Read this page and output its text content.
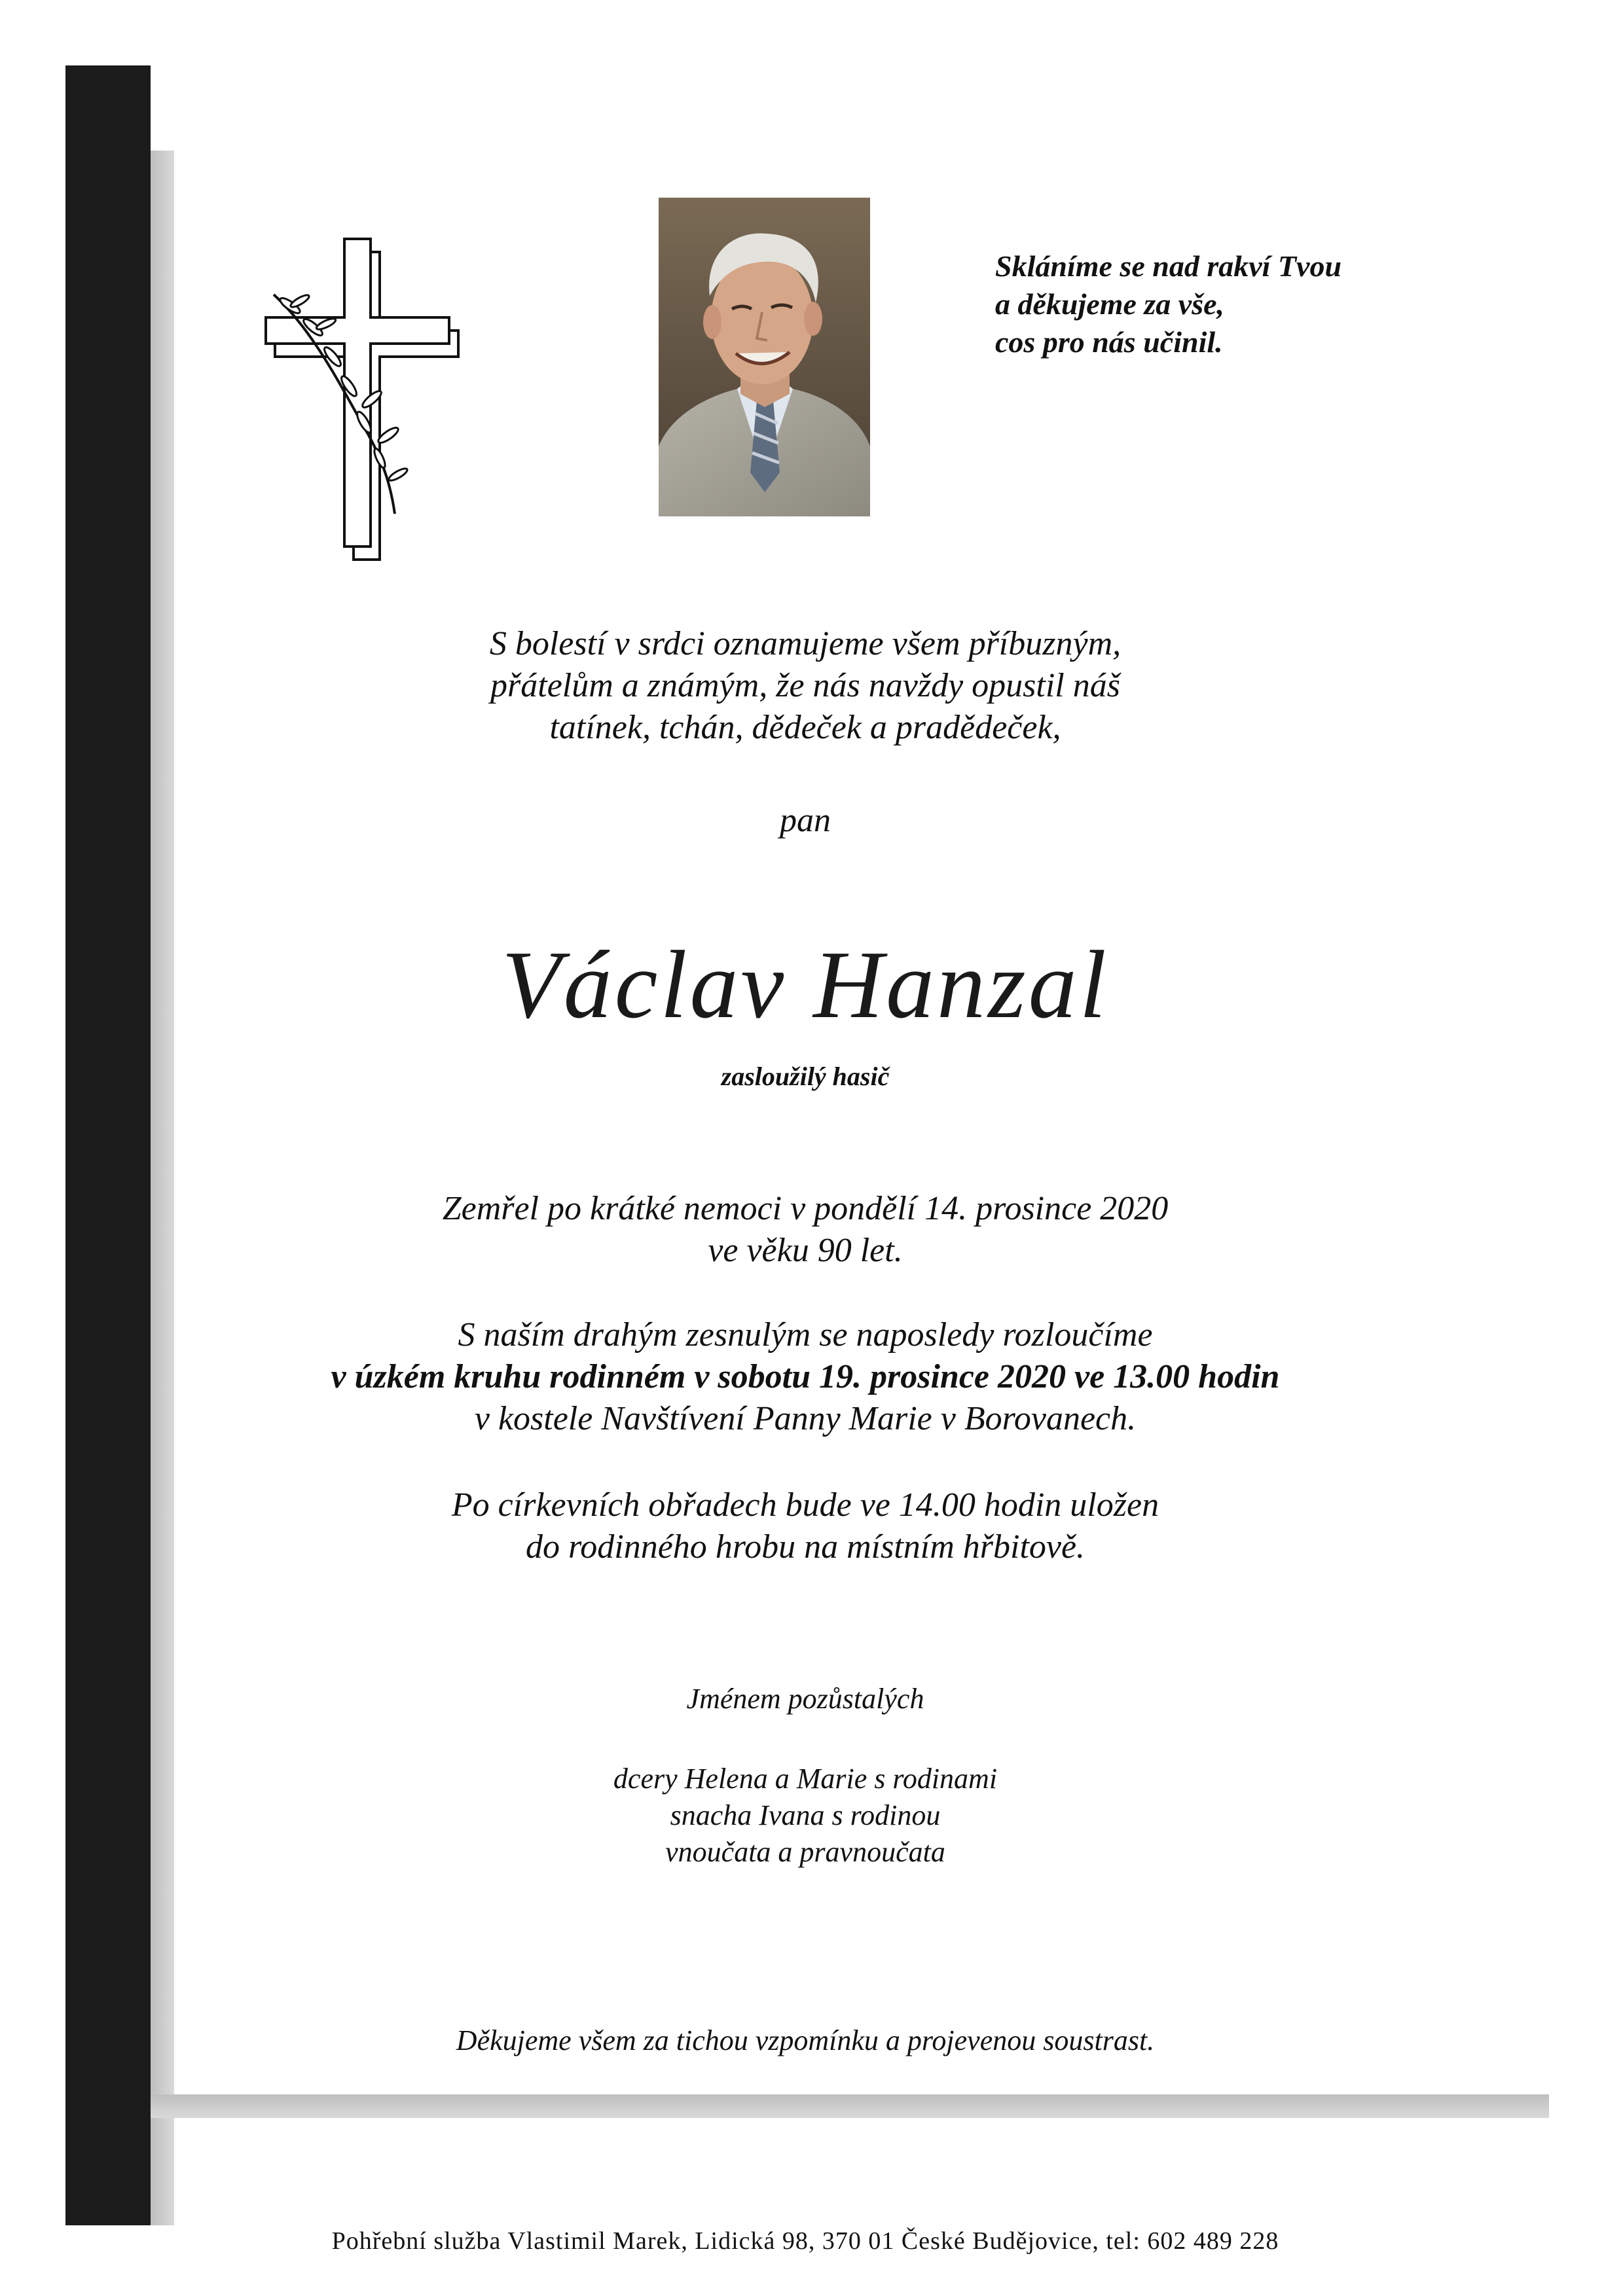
Skláníme se nad rakví Tvou
a děkujeme za vše,
cos pro nás učinil.
S bolestí v srdci oznamujeme všem příbuzným,
přátelům a známým, že nás navždy opustil náš
tatínek, tchán, dědeček a pradědeček,
pan
Václav Hanzal
zasloužilý hasič
Zemřel po krátké nemoci v pondělí 14. prosince 2020
ve věku 90 let.
S naším drahým zesnulým se naposledy rozloučíme
v úzkém kruhu rodinném v sobotu 19. prosince 2020 ve 13.00 hodin
v kostele Navštívení Panny Marie v Borovanech.
Po církevních obřadech bude ve 14.00 hodin uložen
do rodinného hrobu na místním hřbitově.
Jménem pozůstalých
dcery Helena a Marie s rodinami
snacha Ivana s rodinou
vnoučata a pravnoučata
Děkujeme všem za tichou vzpomínku a projevenou soustrast.
Pohřební služba Vlastimil Marek, Lidická 98, 370 01 České Budějovice, tel: 602 489 228
